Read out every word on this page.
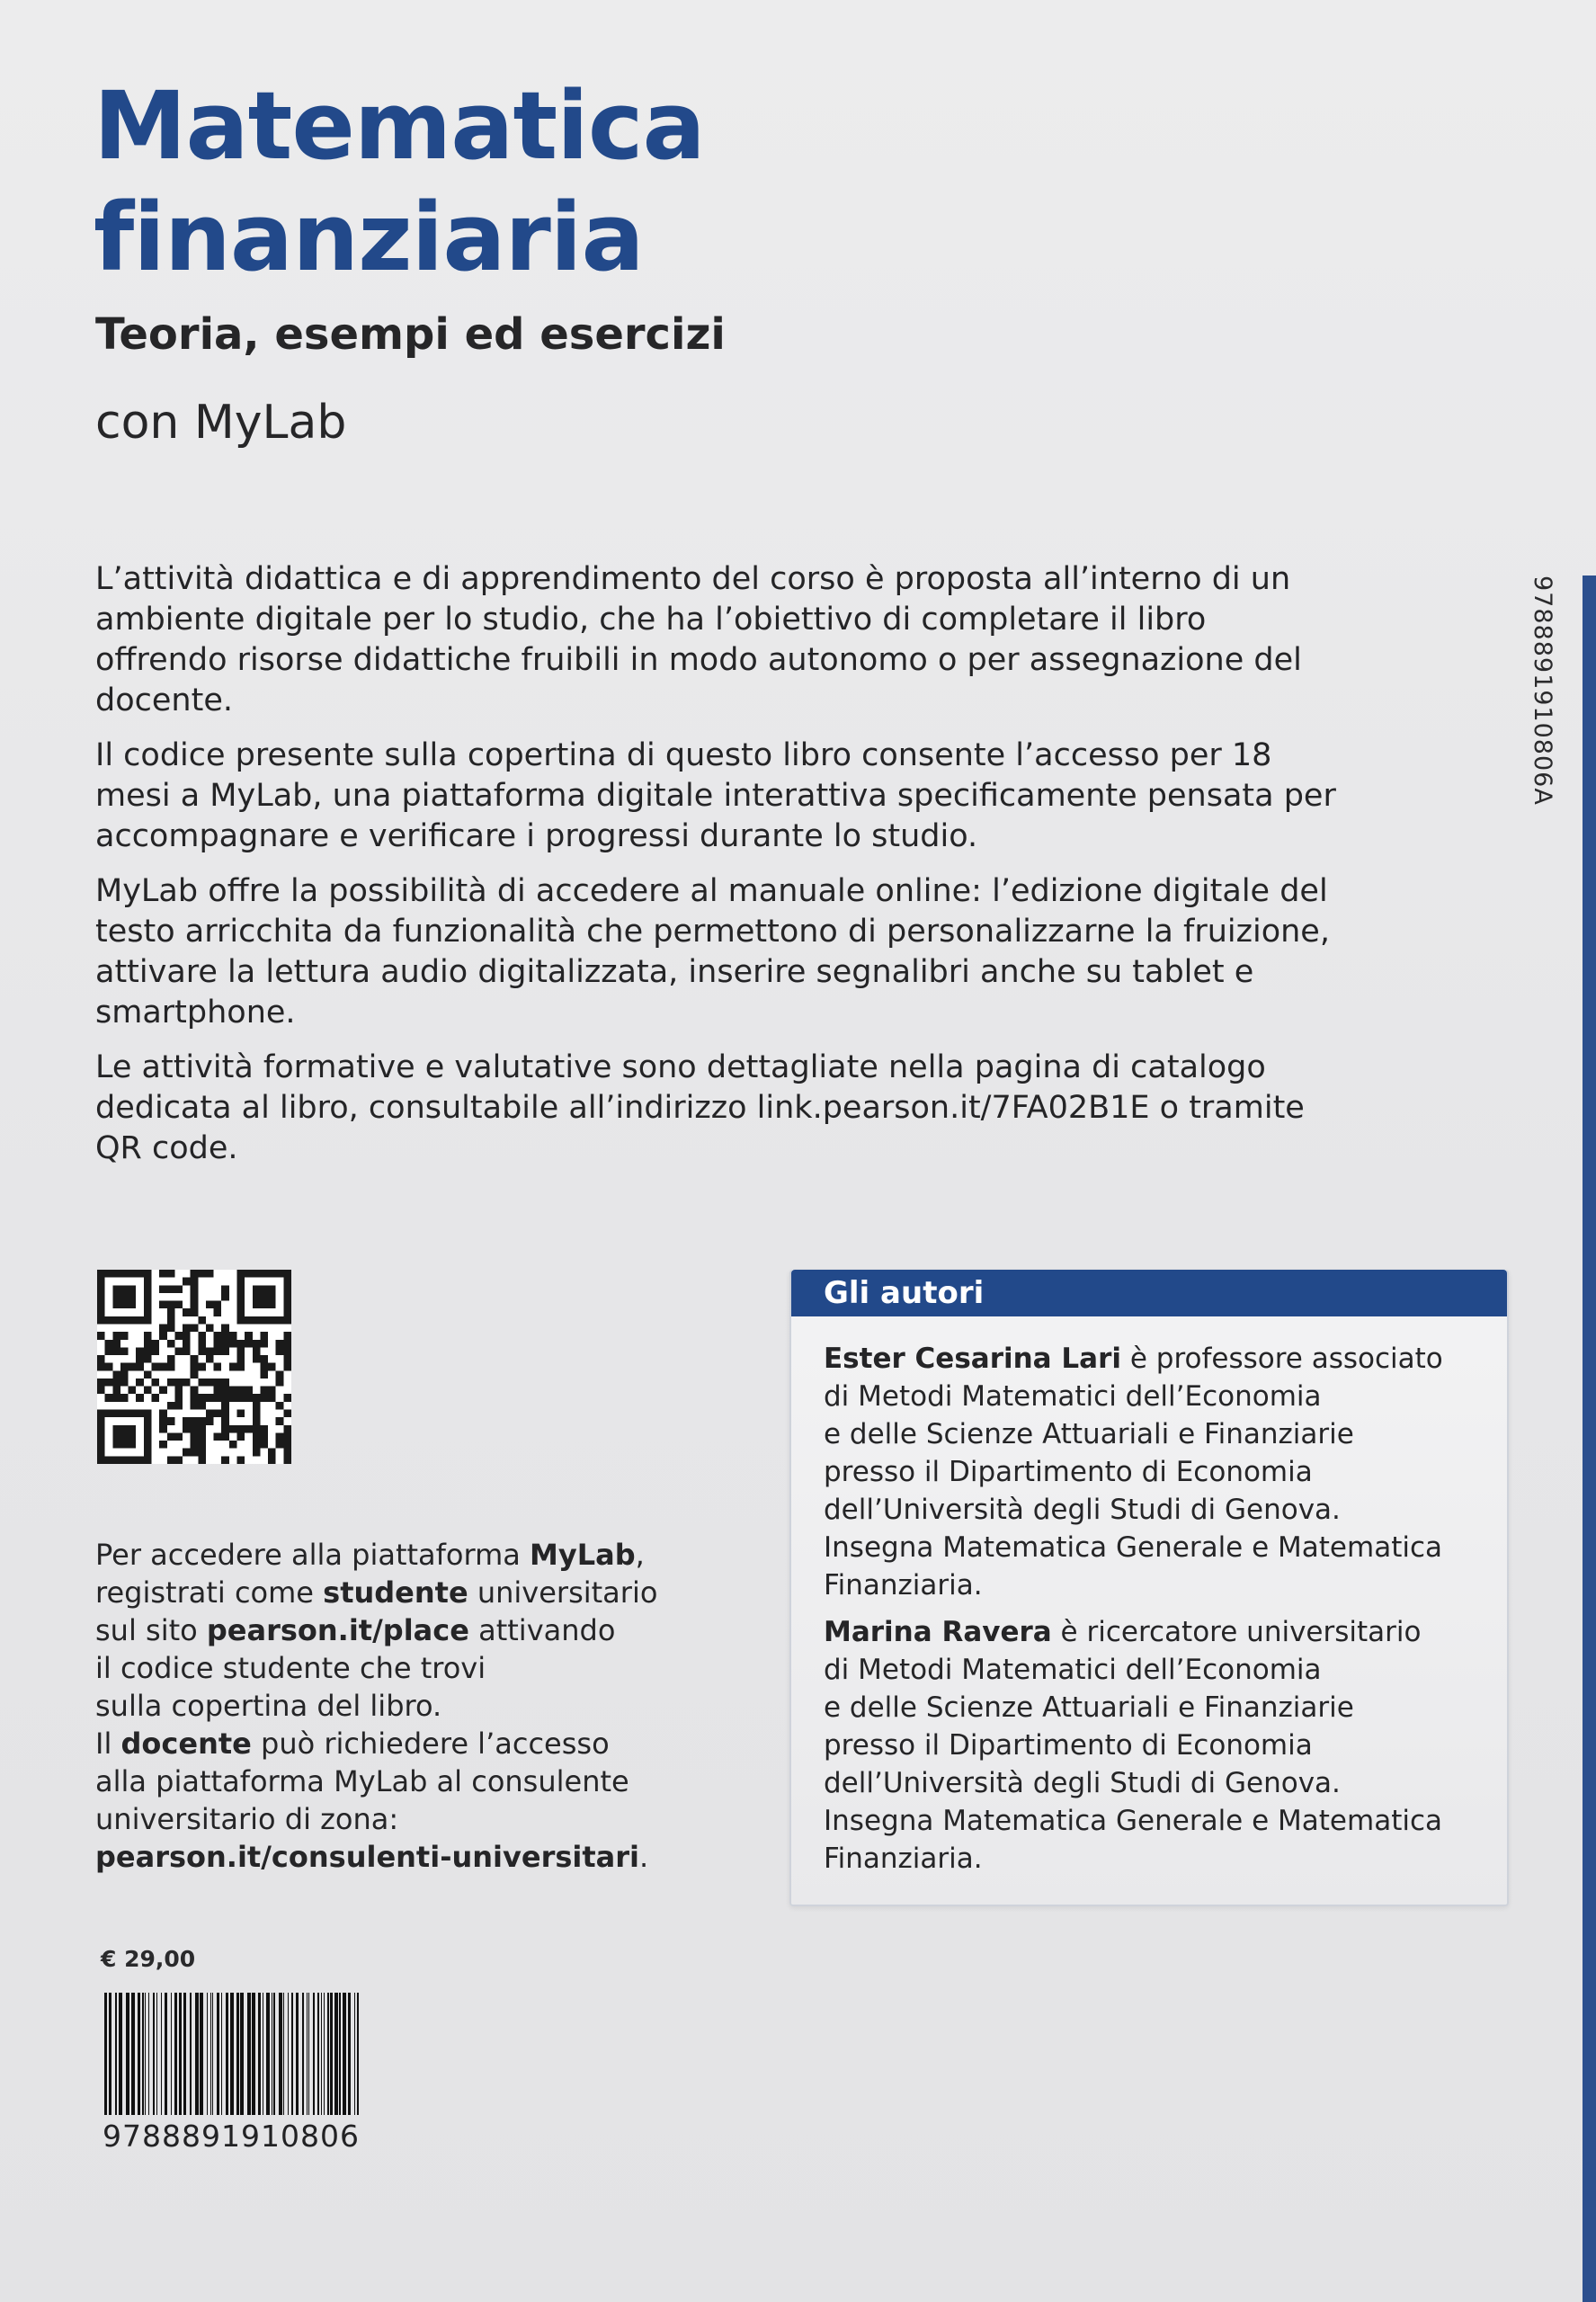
Matematica
finanziaria
Teoria, esempi ed esercizi
con MyLab

L’attività didattica e di apprendimento del corso è proposta all’interno di un ambiente digitale per lo studio, che ha l’obiettivo di completare il libro offrendo risorse didattiche fruibili in modo autonomo o per assegnazione del docente.

Il codice presente sulla copertina di questo libro consente l’accesso per 18 mesi a MyLab, una piattaforma digitale interattiva specificamente pensata per accompagnare e verificare i progressi durante lo studio.

MyLab offre la possibilità di accedere al manuale online: l’edizione digitale del testo arricchita da funzionalità che permettono di personalizzarne la fruizione, attivare la lettura audio digitalizzata, inserire segnalibri anche su tablet e smartphone.

Le attività formative e valutative sono dettagliate nella pagina di catalogo dedicata al libro, consultabile all’indirizzo link.pearson.it/7FA02B1E o tramite QR code.

9788891910806A
Per accedere alla piattaforma MyLab,
registrati come studente universitario
sul sito pearson.it/place attivando
il codice studente che trovi
sulla copertina del libro.
Il docente può richiedere l’accesso
alla piattaforma MyLab al consulente
universitario di zona:
pearson.it/consulenti-universitari.
Gli autori
Ester Cesarina Lari è professore associato
di Metodi Matematici dell’Economia
e delle Scienze Attuariali e Finanziarie
presso il Dipartimento di Economia
dell’Università degli Studi di Genova.
Insegna Matematica Generale e Matematica
Finanziaria.
Marina Ravera è ricercatore universitario
di Metodi Matematici dell’Economia
e delle Scienze Attuariali e Finanziarie
presso il Dipartimento di Economia
dell’Università degli Studi di Genova.
Insegna Matematica Generale e Matematica
Finanziaria.
€ 29,00
9788891910806
